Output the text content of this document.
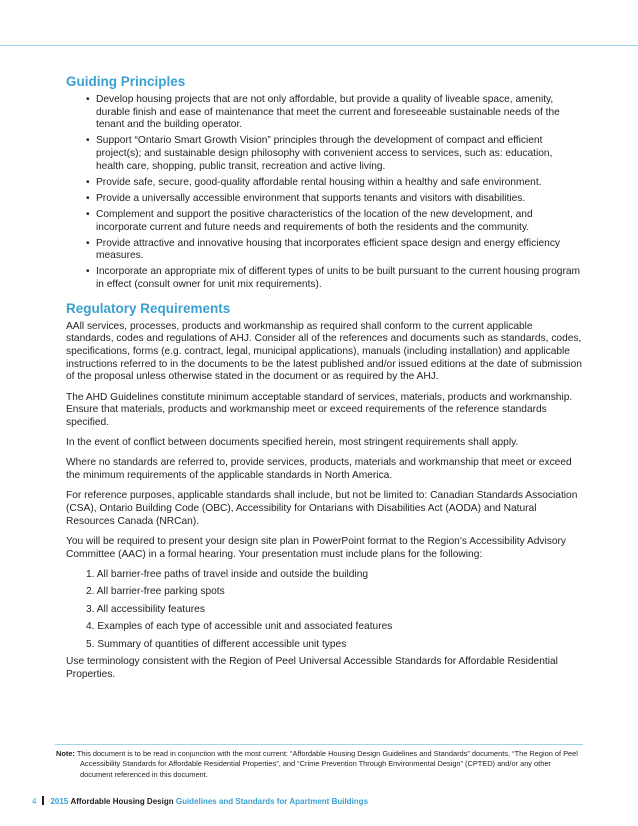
Guiding Principles
• Develop housing projects that are not only affordable, but provide a quality of liveable space, amenity, durable finish and ease of maintenance that meet the current and foreseeable sustainable needs of the tenant and the building operator.
• Support “Ontario Smart Growth Vision” principles through the development of compact and efficient project(s); and sustainable design philosophy with convenient access to services, such as: education, health care, shopping, public transit, recreation and active living.
• Provide safe, secure, good-quality affordable rental housing within a healthy and safe environment.
• Provide a universally accessible environment that supports tenants and visitors with disabilities.
• Complement and support the positive characteristics of the location of the new development, and incorporate current and future needs and requirements of both the residents and the community.
• Provide attractive and innovative housing that incorporates efficient space design and energy efficiency measures.
• Incorporate an appropriate mix of different types of units to be built pursuant to the current housing program in effect (consult owner for unit mix requirements).
Regulatory Requirements

AAll services, processes, products and workmanship as required shall conform to the current applicable standards, codes and regulations of AHJ. Consider all of the references and documents such as standards, codes, specifications, forms (e.g. contract, legal, municipal applications), manuals (including installation) and applicable instructions referred to in the documents to be the latest published and/or issued editions at the date of submission of the proposal unless otherwise stated in the document or as required by the AHJ.

The AHD Guidelines constitute minimum acceptable standard of services, materials, products and workmanship. Ensure that materials, products and workmanship meet or exceed requirements of the reference standards specified.

In the event of conflict between documents specified herein, most stringent requirements shall apply.

Where no standards are referred to, provide services, products, materials and workmanship that meet or exceed the minimum requirements of the applicable standards in North America.

For reference purposes, applicable standards shall include, but not be limited to: Canadian Standards Association (CSA), Ontario Building Code (OBC), Accessibility for Ontarians with Disabilities Act (AODA) and Natural Resources Canada (NRCan).

You will be required to present your design site plan in PowerPoint format to the Region’s Accessibility Advisory Committee (AAC) in a formal hearing. Your presentation must include plans for the following:

1. All barrier-free paths of travel inside and outside the building
2. All barrier-free parking spots
3. All accessibility features
4. Examples of each type of accessible unit and associated features
5. Summary of quantities of different accessible unit types

Use terminology consistent with the Region of Peel Universal Accessible Standards for Affordable Residential Properties.

Note: This document is to be read in conjunction with the most current: “Affordable Housing Design Guidelines and Standards” documents, “The Region of Peel Accessibility Standards for Affordable Residential Properties”, and “Crime Prevention Through Environmental Design” (CPTED) and/or any other document referenced in this document.
4 2015 Affordable Housing Design Guidelines and Standards for Apartment Buildings
